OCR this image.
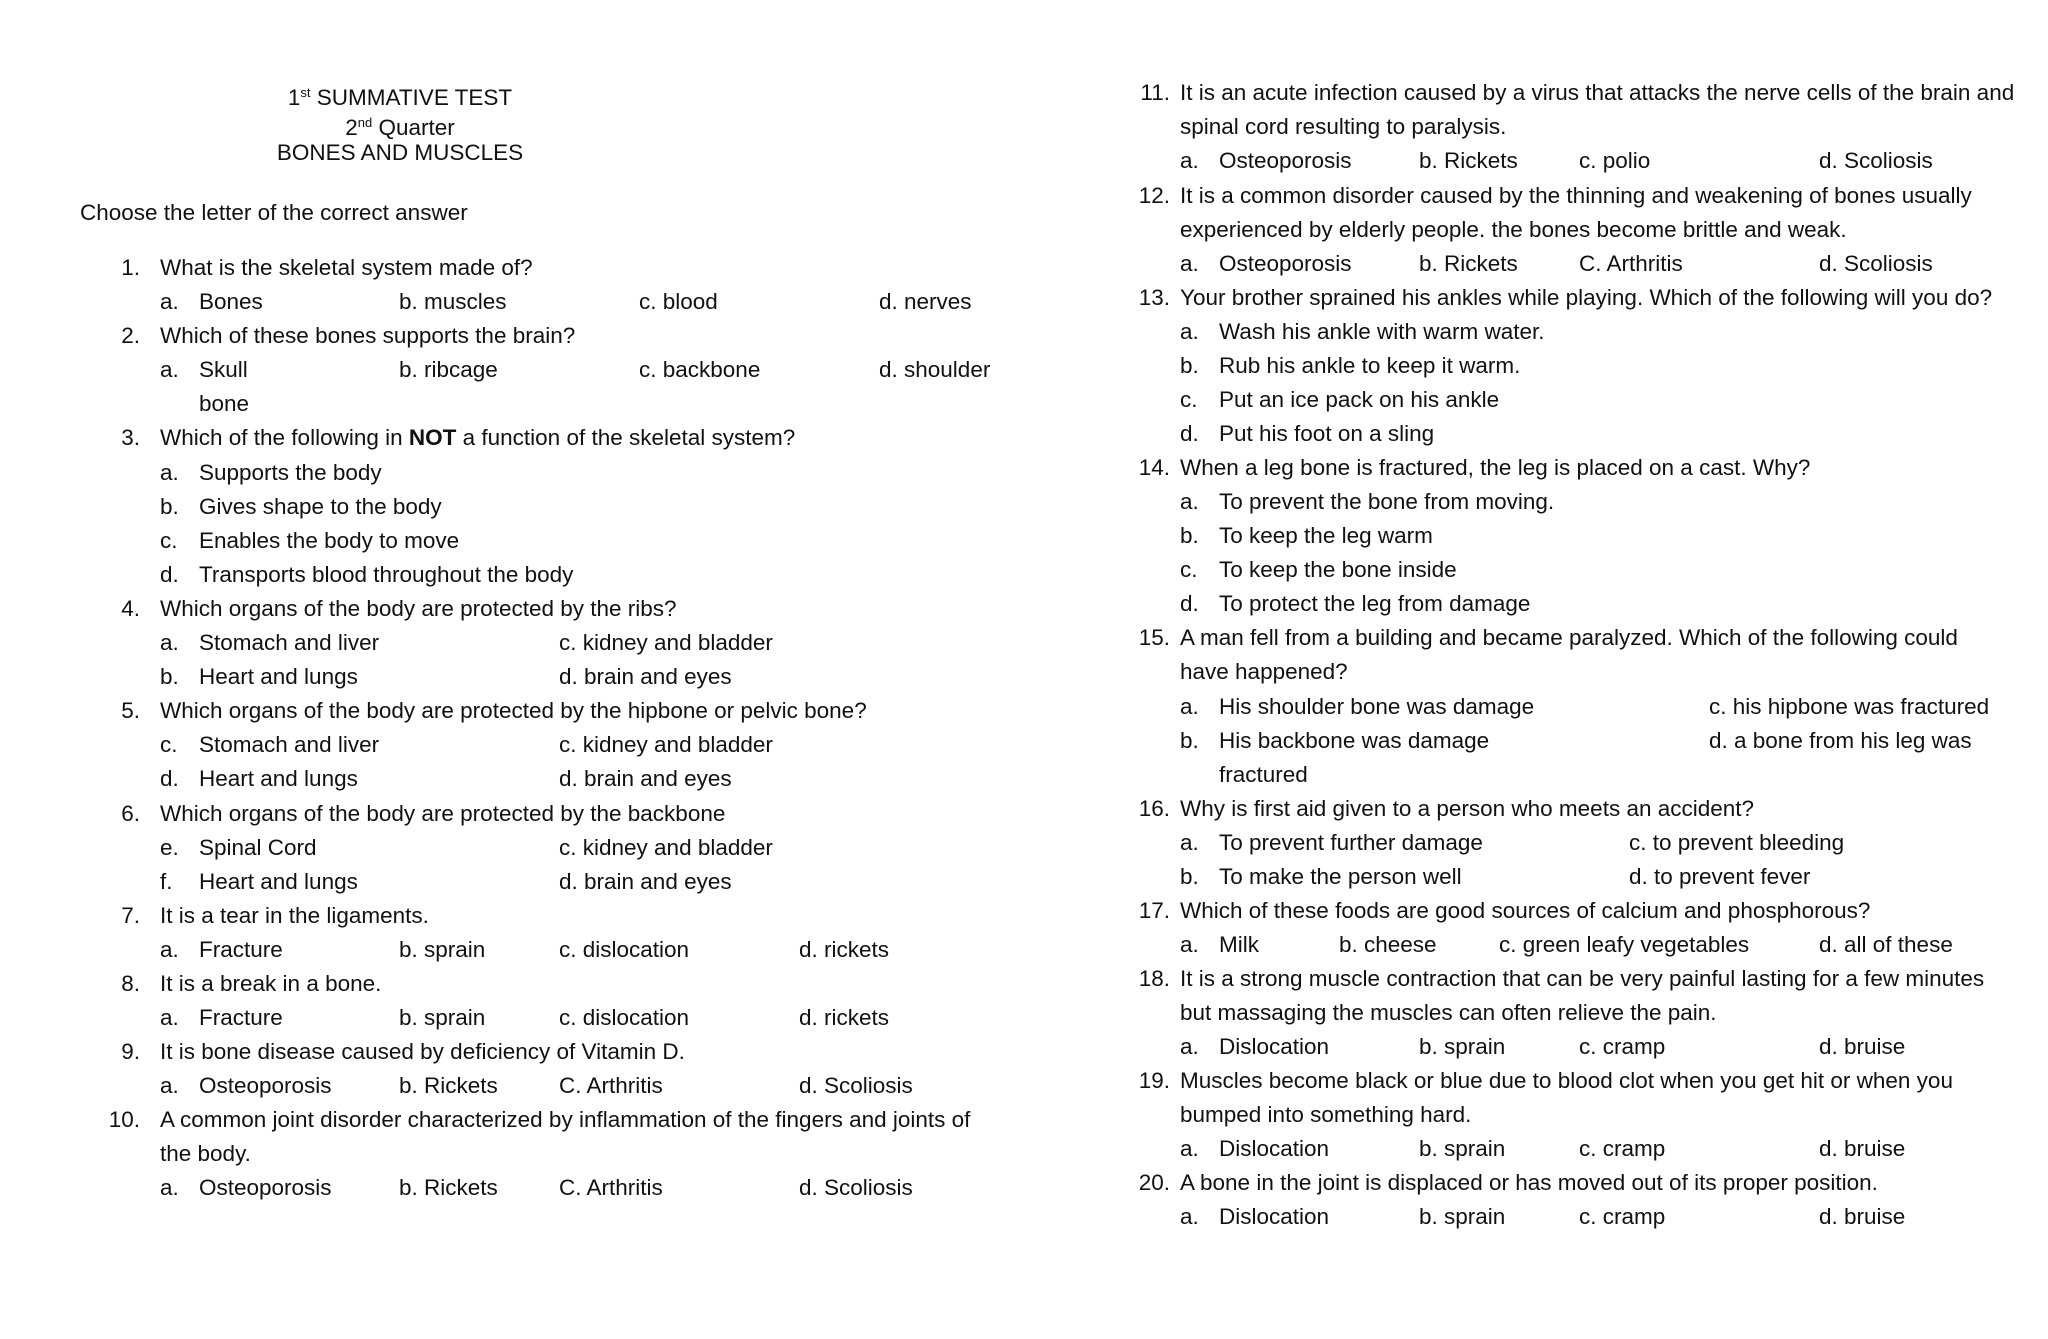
1st SUMMATIVE TEST
2nd Quarter
BONES AND MUSCLES
Choose the letter of the correct answer
1. What is the skeletal system made of?
a. Bones	b. muscles	c. blood	d. nerves
2. Which of these bones supports the brain?
a. Skull	b. ribcage	c. backbone	d. shoulder
bone
3. Which of the following in NOT a function of the skeletal system?
a. Supports the body
b. Gives shape to the body
c. Enables the body to move
d. Transports blood throughout the body
4. Which organs of the body are protected by the ribs?
a. Stomach and liver	c. kidney and bladder
b. Heart and lungs	d. brain and eyes
5. Which organs of the body are protected by the hipbone or pelvic bone?
c. Stomach and liver	c. kidney and bladder
d. Heart and lungs	d. brain and eyes
6. Which organs of the body are protected by the backbone
e. Spinal Cord	c. kidney and bladder
f. Heart and lungs	d. brain and eyes
7. It is a tear in the ligaments.
a. Fracture	b. sprain	c. dislocation	d. rickets
8. It is a break in a bone.
a. Fracture	b. sprain	c. dislocation	d. rickets
9. It is bone disease caused by deficiency of Vitamin D.
a. Osteoporosis	b. Rickets	C. Arthritis	d. Scoliosis
10. A common joint disorder characterized by inflammation of the fingers and joints of
the body.
a. Osteoporosis	b. Rickets	C. Arthritis	d. Scoliosis
11. It is an acute infection caused by a virus that attacks the nerve cells of the brain and
spinal cord resulting to paralysis.
a. Osteoporosis	b. Rickets	c. polio	d. Scoliosis
12. It is a common disorder caused by the thinning and weakening of bones usually
experienced by elderly people. the bones become brittle and weak.
a. Osteoporosis	b. Rickets	C. Arthritis	d. Scoliosis
13. Your brother sprained his ankles while playing. Which of the following will you do?
a. Wash his ankle with warm water.
b. Rub his ankle to keep it warm.
c. Put an ice pack on his ankle
d. Put his foot on a sling
14. When a leg bone is fractured, the leg is placed on a cast. Why?
a. To prevent the bone from moving.
b. To keep the leg warm
c. To keep the bone inside
d. To protect the leg from damage
15. A man fell from a building and became paralyzed. Which of the following could
have happened?
a. His shoulder bone was damage	c. his hipbone was fractured
b. His backbone was damage	d. a bone from his leg was
fractured
16. Why is first aid given to a person who meets an accident?
a. To prevent further damage	c. to prevent bleeding
b. To make the person well	d. to prevent fever
17. Which of these foods are good sources of calcium and phosphorous?
a. Milk	b. cheese	c. green leafy vegetables	d. all of these
18. It is a strong muscle contraction that can be very painful lasting for a few minutes
but massaging the muscles can often relieve the pain.
a. Dislocation	b. sprain	c. cramp	d. bruise
19. Muscles become black or blue due to blood clot when you get hit or when you
bumped into something hard.
a. Dislocation	b. sprain	c. cramp	d. bruise
20. A bone in the joint is displaced or has moved out of its proper position.
a. Dislocation	b. sprain	c. cramp	d. bruise
